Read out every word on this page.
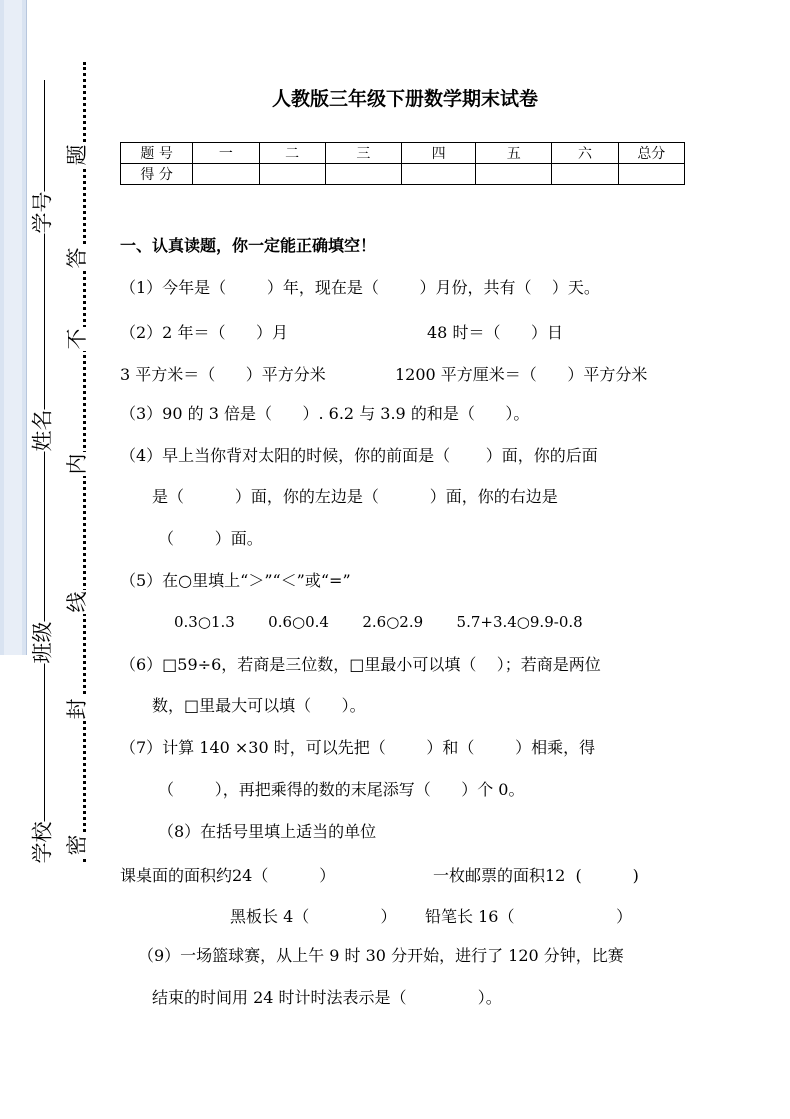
学号
姓名
班级
学校
题
答
不
内
线
封
密
人教版三年级下册数学期末试卷
题 号	一	二	三	四	五	六	总分
得 分							
一、认真读题，你一定能正确填空！
（1）今年是（        ）年，现在是（        ）月份，共有（    ）天。
（2）2 年＝（      ）月	48 时＝（      ）日
3 平方米＝（      ）平方分米	1200 平方厘米＝（      ）平方分米
（3）90 的 3 倍是（      ）. 6.2 与 3.9 的和是（      ）。
（4）早上当你背对太阳的时候，你的前面是（       ）面，你的后面
是（          ）面，你的左边是（          ）面，你的右边是
（        ）面。
（5）在○里填上“＞”“＜”或“=”
0.3○1.3       0.6○0.4       2.6○2.9       5.7+3.4○9.9-0.8
（6）□59÷6，若商是三位数，□里最小可以填（    ）；若商是两位
数，□里最大可以填（      ）。
（7）计算 140 ×30 时，可以先把（        ）和（        ）相乘，得
（        ），再把乘得的数的末尾添写（      ）个 0。
（8）在括号里填上适当的单位
课桌面的面积约24（          ）	一枚邮票的面积12  (          )
黑板长 4（              ） 铅笔长 16（                    ）
（9）一场篮球赛，从上午 9 时 30 分开始，进行了 120 分钟，比赛
结束的时间用 24 时计时法表示是（              ）。
